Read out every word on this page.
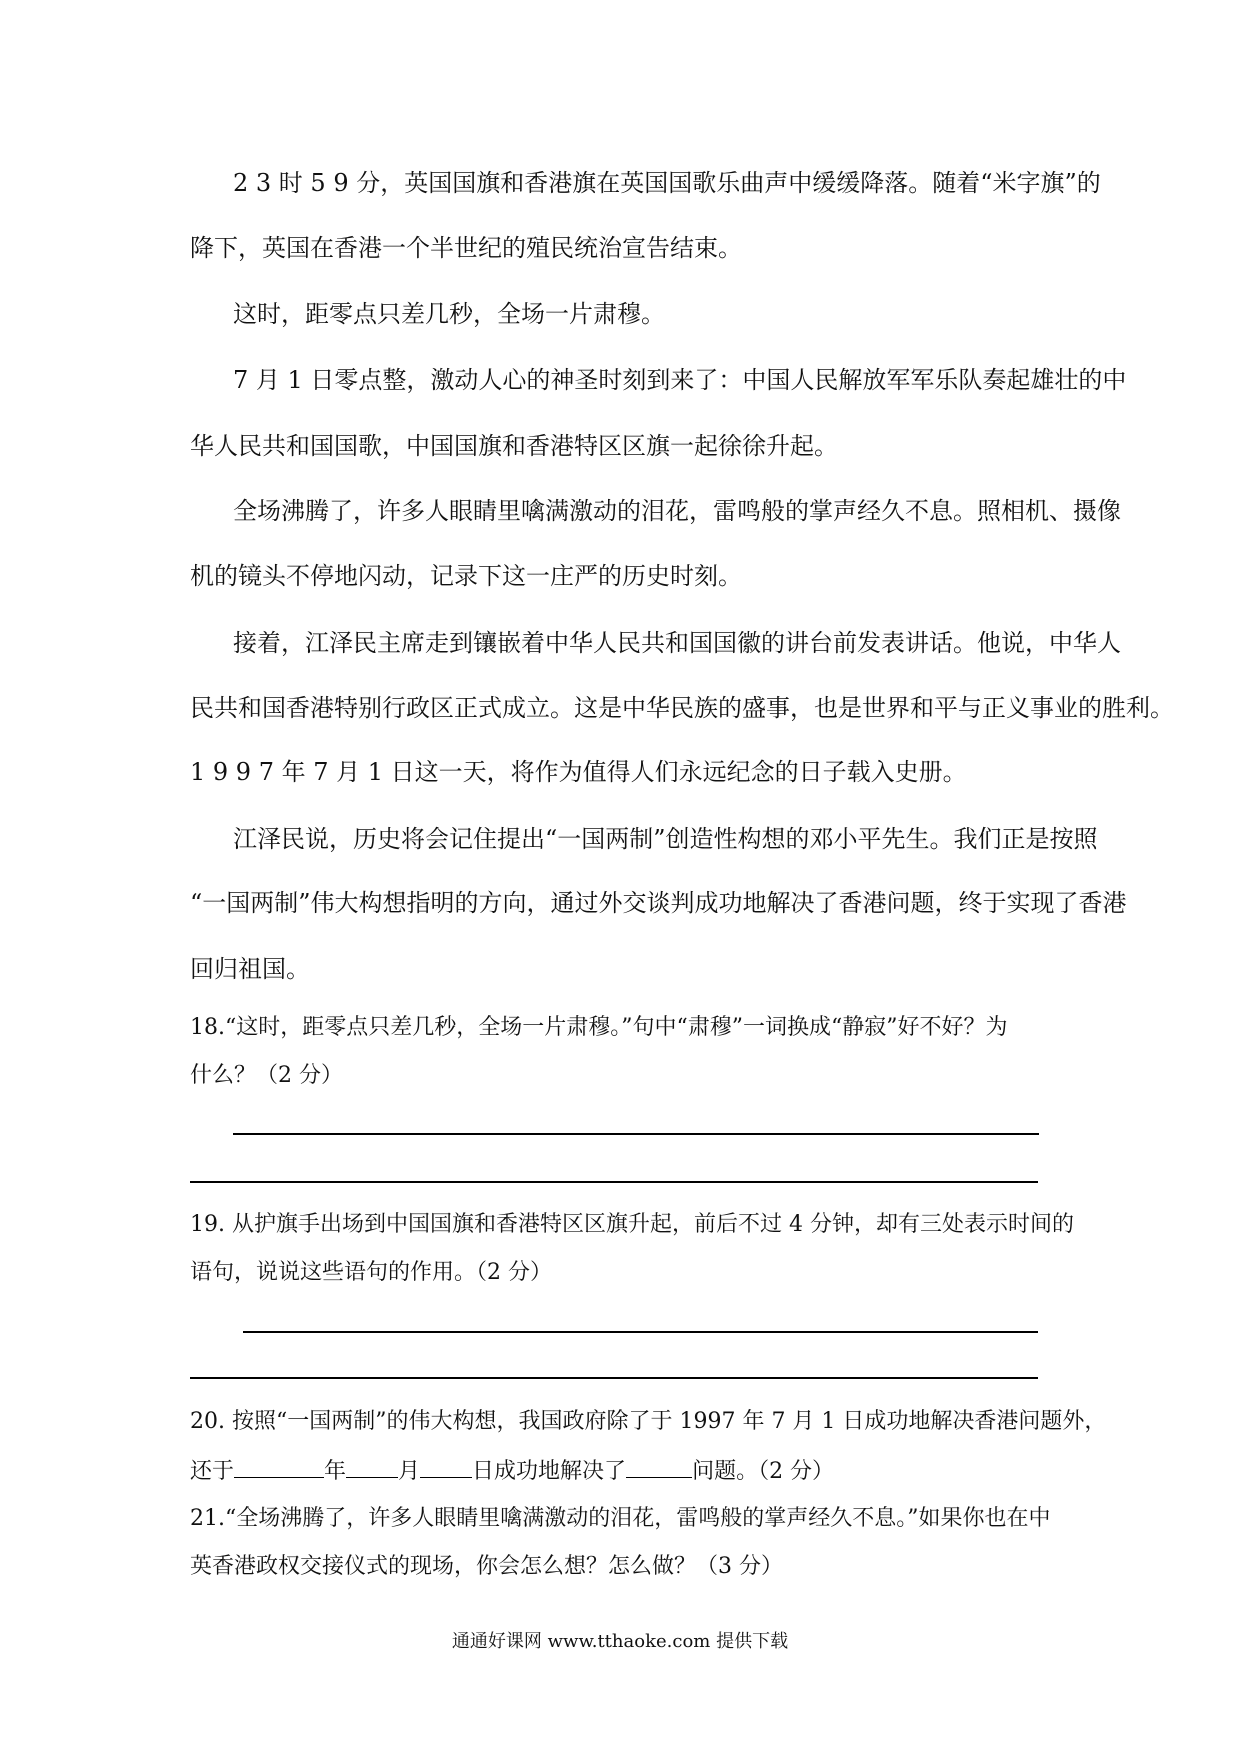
2 3 时 5 9 分，英国国旗和香港旗在英国国歌乐曲声中缓缓降落。随着“米字旗”的
降下，英国在香港一个半世纪的殖民统治宣告结束。
这时，距零点只差几秒，全场一片肃穆。
7 月 1 日零点整，激动人心的神圣时刻到来了：中国人民解放军军乐队奏起雄壮的中
华人民共和国国歌，中国国旗和香港特区区旗一起徐徐升起。
全场沸腾了，许多人眼睛里噙满激动的泪花，雷鸣般的掌声经久不息。照相机、摄像
机的镜头不停地闪动，记录下这一庄严的历史时刻。
接着，江泽民主席走到镶嵌着中华人民共和国国徽的讲台前发表讲话。他说，中华人
民共和国香港特别行政区正式成立。这是中华民族的盛事，也是世界和平与正义事业的胜利。
1 9 9 7 年 7 月 1 日这一天，将作为值得人们永远纪念的日子载入史册。
江泽民说，历史将会记住提出“一国两制”创造性构想的邓小平先生。我们正是按照
“一国两制”伟大构想指明的方向，通过外交谈判成功地解决了香港问题，终于实现了香港
回归祖国。
18.“这时，距零点只差几秒，全场一片肃穆。”句中“肃穆”一词换成“静寂”好不好？为
什么？（2 分）
19. 从护旗手出场到中国国旗和香港特区区旗升起，前后不过 4 分钟，却有三处表示时间的
语句，说说这些语句的作用。（2 分）
20. 按照“一国两制”的伟大构想，我国政府除了于 1997 年 7 月 1 日成功地解决香港问题外，
还于	年 月 日成功地解决了	问题。（2 分）
21.“全场沸腾了，许多人眼睛里噙满激动的泪花，雷鸣般的掌声经久不息。”如果你也在中
英香港政权交接仪式的现场，你会怎么想？怎么做？（3 分）
通通好课网 www.tthaoke.com 提供下载
